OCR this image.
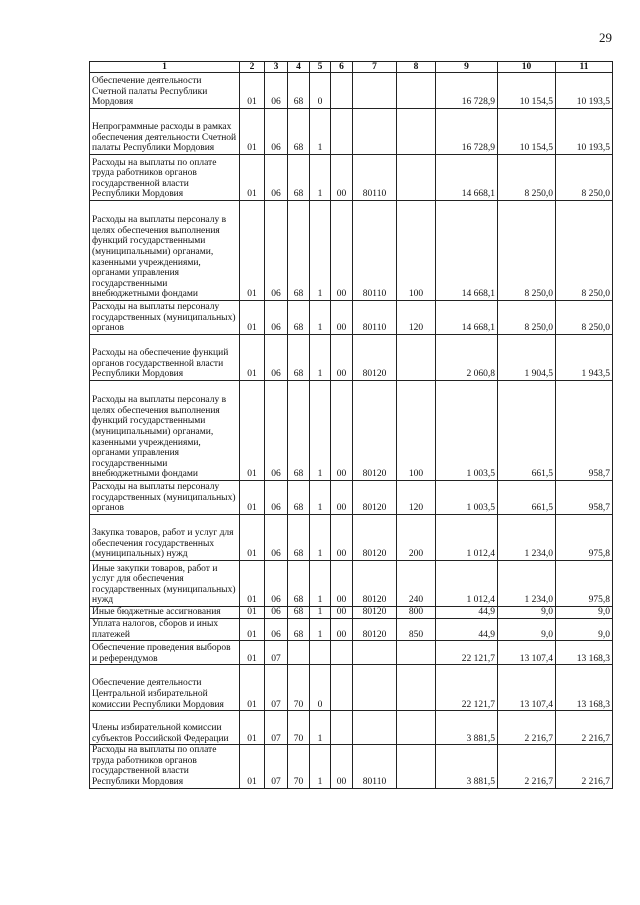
29
1	2	3	4	5	6	7	8	9	10	11
Обеспечение деятельности Счетной палаты Республики Мордовия	01	06	68	0				16 728,9	10 154,5	10 193,5
Непрограммные расходы в рамках обеспечения деятельности Счетной палаты Республики Мордовия	01	06	68	1				16 728,9	10 154,5	10 193,5
Расходы на выплаты по оплате труда работников органов государственной власти Республики Мордовия	01	06	68	1	00	80110		14 668,1	8 250,0	8 250,0
Расходы на выплаты персоналу в целях обеспечения выполнения функций государственными (муниципальными) органами, казенными учреждениями, органами управления государственными внебюджетными фондами	01	06	68	1	00	80110	100	14 668,1	8 250,0	8 250,0
Расходы на выплаты персоналу государственных (муниципальных) органов	01	06	68	1	00	80110	120	14 668,1	8 250,0	8 250,0
Расходы на обеспечение функций органов государственной власти Республики Мордовия	01	06	68	1	00	80120		2 060,8	1 904,5	1 943,5
Расходы на выплаты персоналу в целях обеспечения выполнения функций государственными (муниципальными) органами, казенными учреждениями, органами управления государственными внебюджетными фондами	01	06	68	1	00	80120	100	1 003,5	661,5	958,7
Расходы на выплаты персоналу государственных (муниципальных) органов	01	06	68	1	00	80120	120	1 003,5	661,5	958,7
Закупка товаров, работ и услуг для обеспечения государственных (муниципальных) нужд	01	06	68	1	00	80120	200	1 012,4	1 234,0	975,8
Иные закупки товаров, работ и услуг для обеспечения государственных (муниципальных) нужд	01	06	68	1	00	80120	240	1 012,4	1 234,0	975,8
Иные бюджетные ассигнования	01	06	68	1	00	80120	800	44,9	9,0	9,0
Уплата налогов, сборов и иных платежей	01	06	68	1	00	80120	850	44,9	9,0	9,0
Обеспечение проведения выборов и референдумов	01	07						22 121,7	13 107,4	13 168,3
Обеспечение деятельности Центральной избирательной комиссии Республики Мордовия	01	07	70	0				22 121,7	13 107,4	13 168,3
Члены избирательной комиссии субъектов Российской Федерации	01	07	70	1				3 881,5	2 216,7	2 216,7
Расходы на выплаты по оплате труда работников органов государственной власти Республики Мордовия	01	07	70	1	00	80110		3 881,5	2 216,7	2 216,7
